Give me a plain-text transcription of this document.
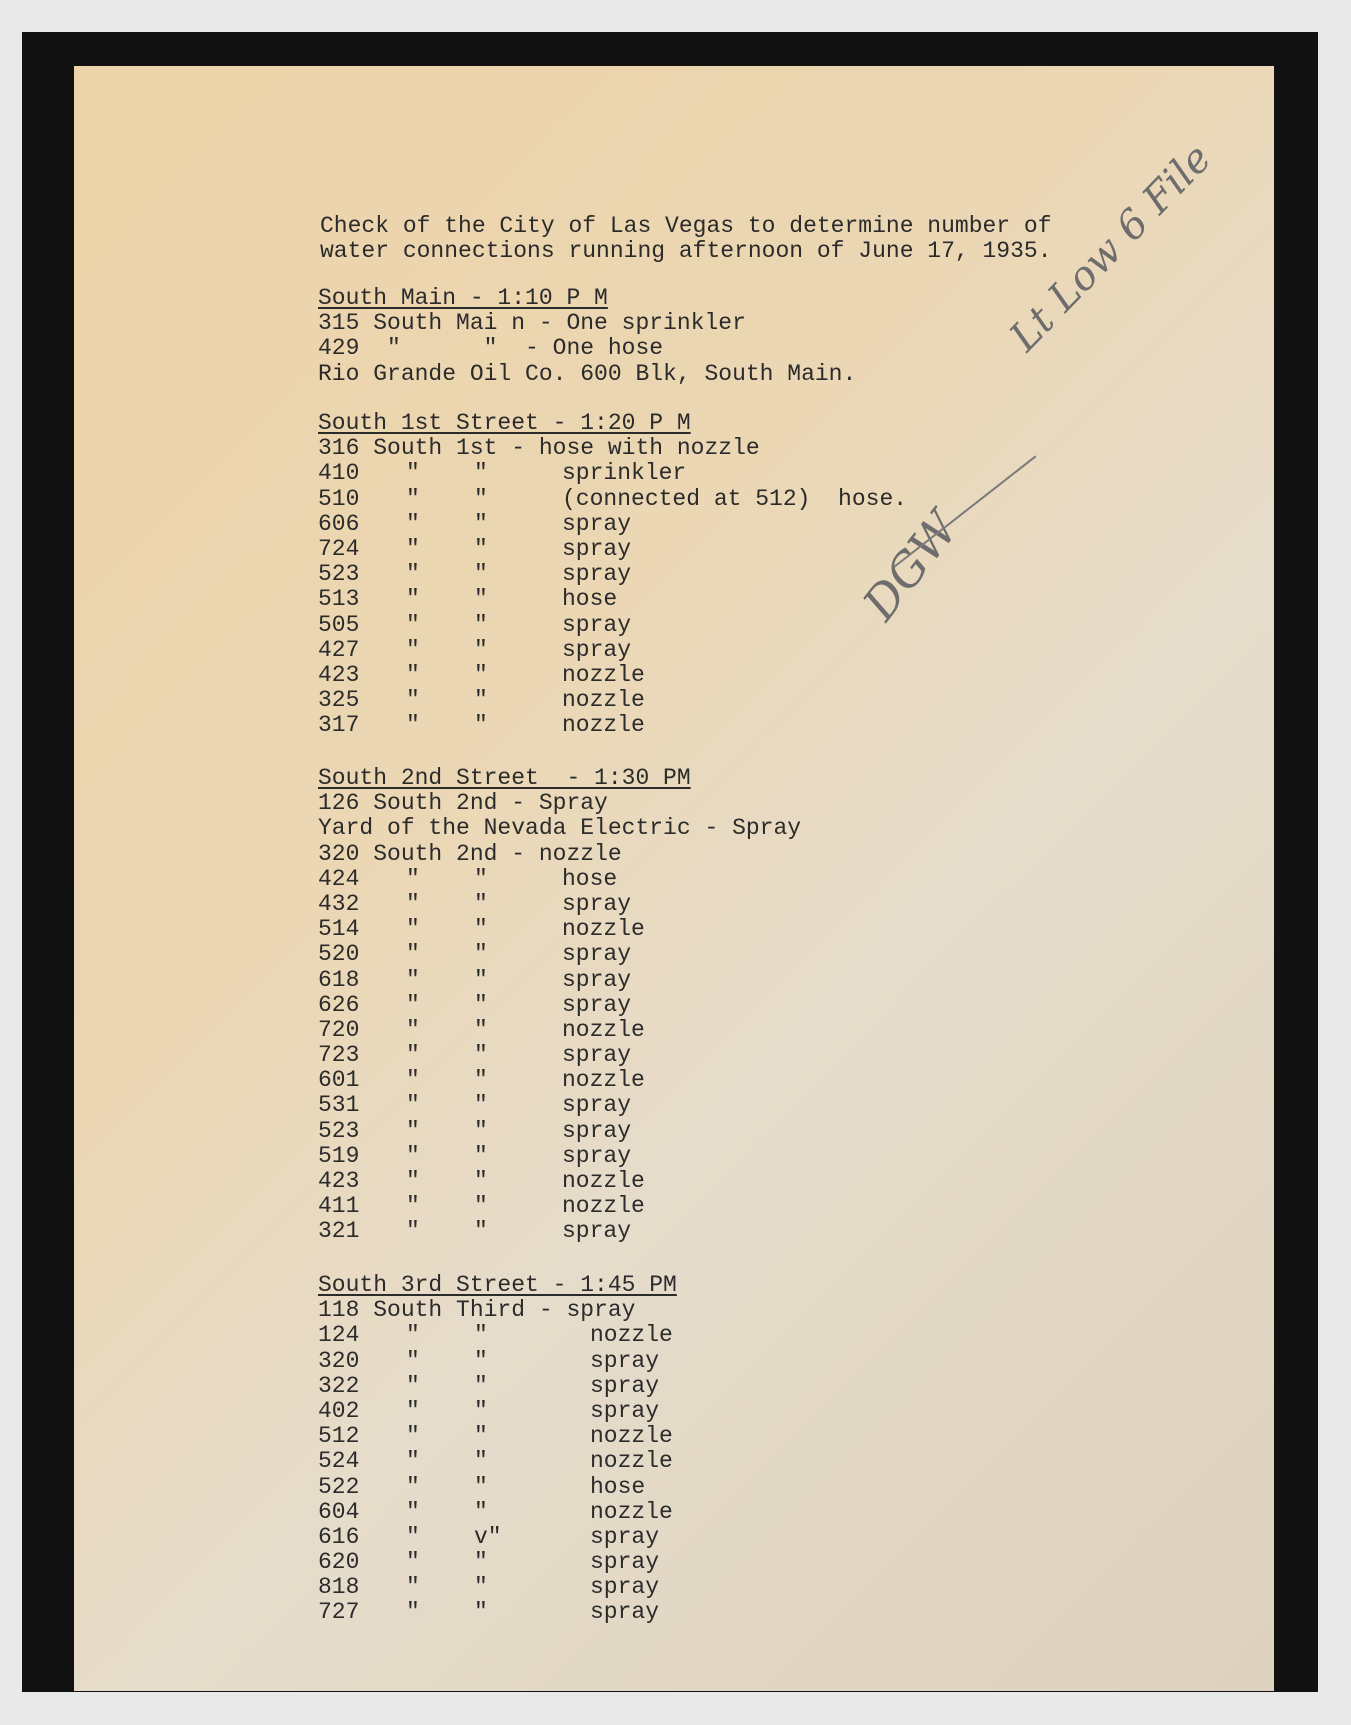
Check of the City of Las Vegas to determine number of
water connections running afternoon of June 17, 1935.
South Main - 1:10 P M
315 South Mai n - One sprinkler
429  "      "  - One hose
Rio Grande Oil Co. 600 Blk, South Main.
South 1st Street - 1:20 P M
316 South 1st - hose with nozzle
410 " "	sprinkler
510 " "	(connected at 512)  hose.
606 " "	spray
724 " "	spray
523 " "	spray
513 " "	hose
505 " "	spray
427 " "	spray
423 " "	nozzle
325 " "	nozzle
317 " "	nozzle
South 2nd Street  - 1:30 PM
126 South 2nd - Spray
Yard of the Nevada Electric - Spray
320 South 2nd - nozzle
424 " "	hose
432 " "	spray
514 " "	nozzle
520 " "	spray
618 " "	spray
626 " "	spray
720 " "	nozzle
723 " "	spray
601 " "	nozzle
531 " "	spray
523 " "	spray
519 " "	spray
423 " "	nozzle
411 " "	nozzle
321 " "	spray
South 3rd Street - 1:45 PM
118 South Third - spray
124 " "	nozzle
320 " "	spray
322 " "	spray
402 " "	spray
512 " "	nozzle
524 " "	nozzle
522 " "	hose
604 " "	nozzle
616 " v"	spray
620 " "	spray
818 " "	spray
727 " "	spray
Lt Low 6 File
DGW
